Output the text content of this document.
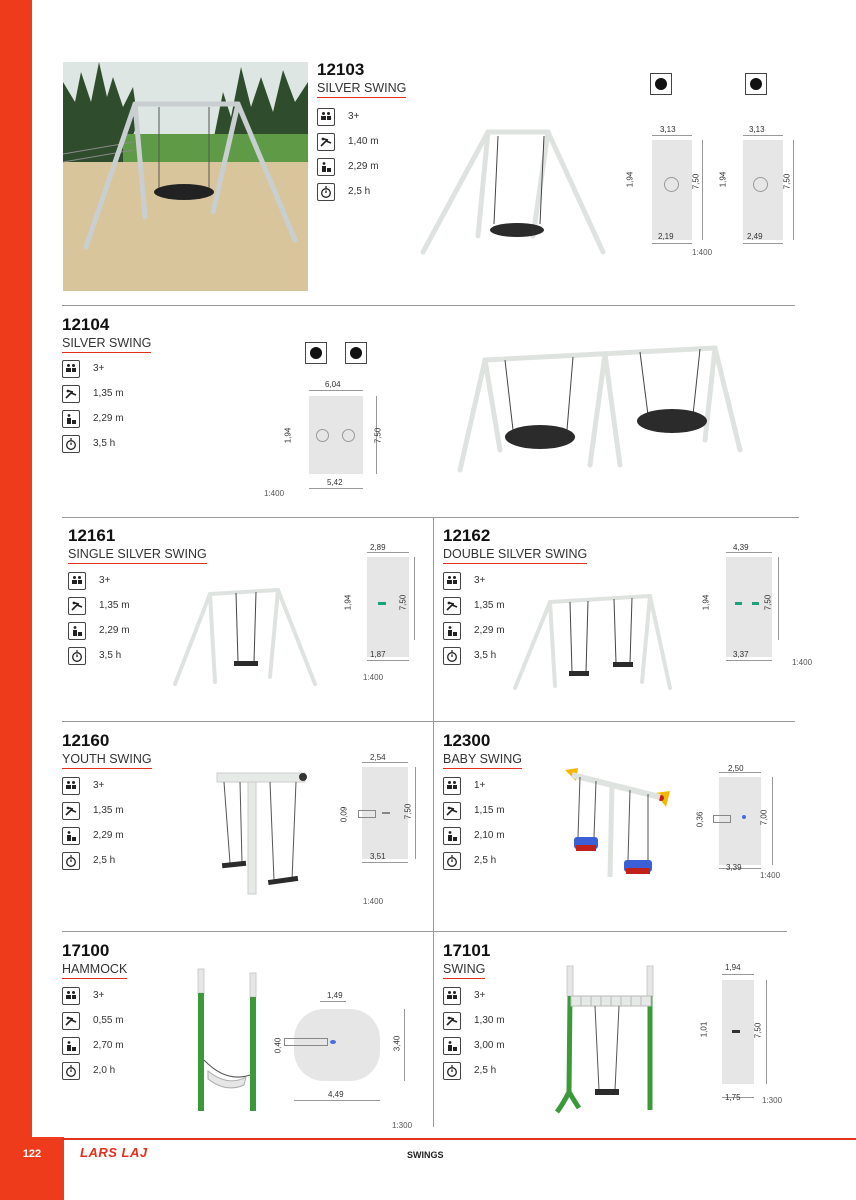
122
12103
SILVER SWING
3+
1,40 m
2,29 m
2,5 h
3,13
1,94	7,50
2,19
3,13
1,94	7,50
2,49
1:400
12104
SILVER SWING
3+
1,35 m
2,29 m
3,5 h
6,04
1,94	7,50
5,42
1:400
12161
SINGLE SILVER SWING
3+
1,35 m
2,29 m
3,5 h
2,89
1,94	7,50
1,87
1:400
12162
DOUBLE SILVER SWING
3+
1,35 m
2,29 m
3,5 h
4,39
1,94	7,50
3,37
1:400
12160
YOUTH SWING
3+
1,35 m
2,29 m
2,5 h
2,54
0,09	7,50
3,51
1:400
12300
BABY SWING
1+
1,15 m
2,10 m
2,5 h
2,50
0,36	7,00
3,39
1:400
17100
HAMMOCK
3+
0,55 m
2,70 m
2,0 h
1,49
0,40	3,40
4,49
1:300
17101
SWING
3+
1,30 m
3,00 m
2,5 h
1,94
1,01	7,50
1,75	1:300
LARS LAJ	SWINGS
